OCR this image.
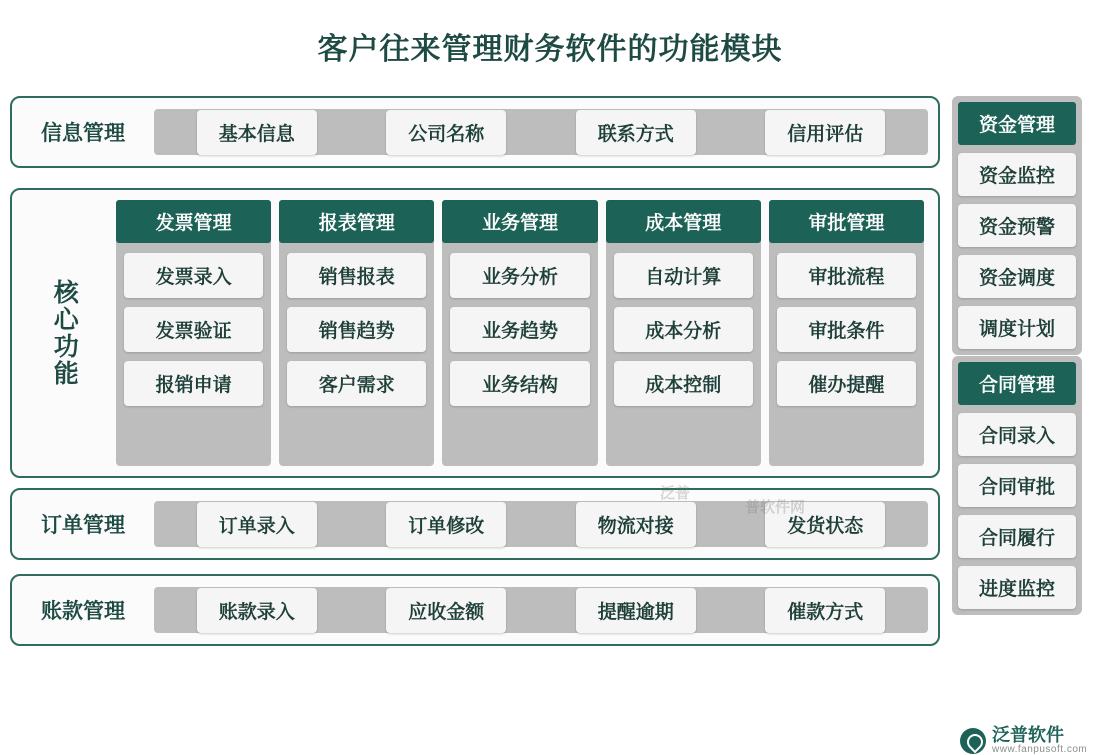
客户往来管理财务软件的功能模块
信息管理	基本信息	公司名称	联系方式	信用评估
核心功能
发票管理
发票录入
发票验证
报销申请
报表管理
销售报表
销售趋势
客户需求
业务管理
业务分析
业务趋势
业务结构
成本管理
自动计算
成本分析
成本控制
审批管理
审批流程
审批条件
催办提醒
订单管理	订单录入	订单修改	物流对接	发货状态
账款管理	账款录入	应收金额	提醒逾期	催款方式
资金管理
资金监控
资金预警
资金调度
调度计划
合同管理
合同录入
合同审批
合同履行
进度监控
泛普
普软件网
泛普软件
www.fanpusoft.com
